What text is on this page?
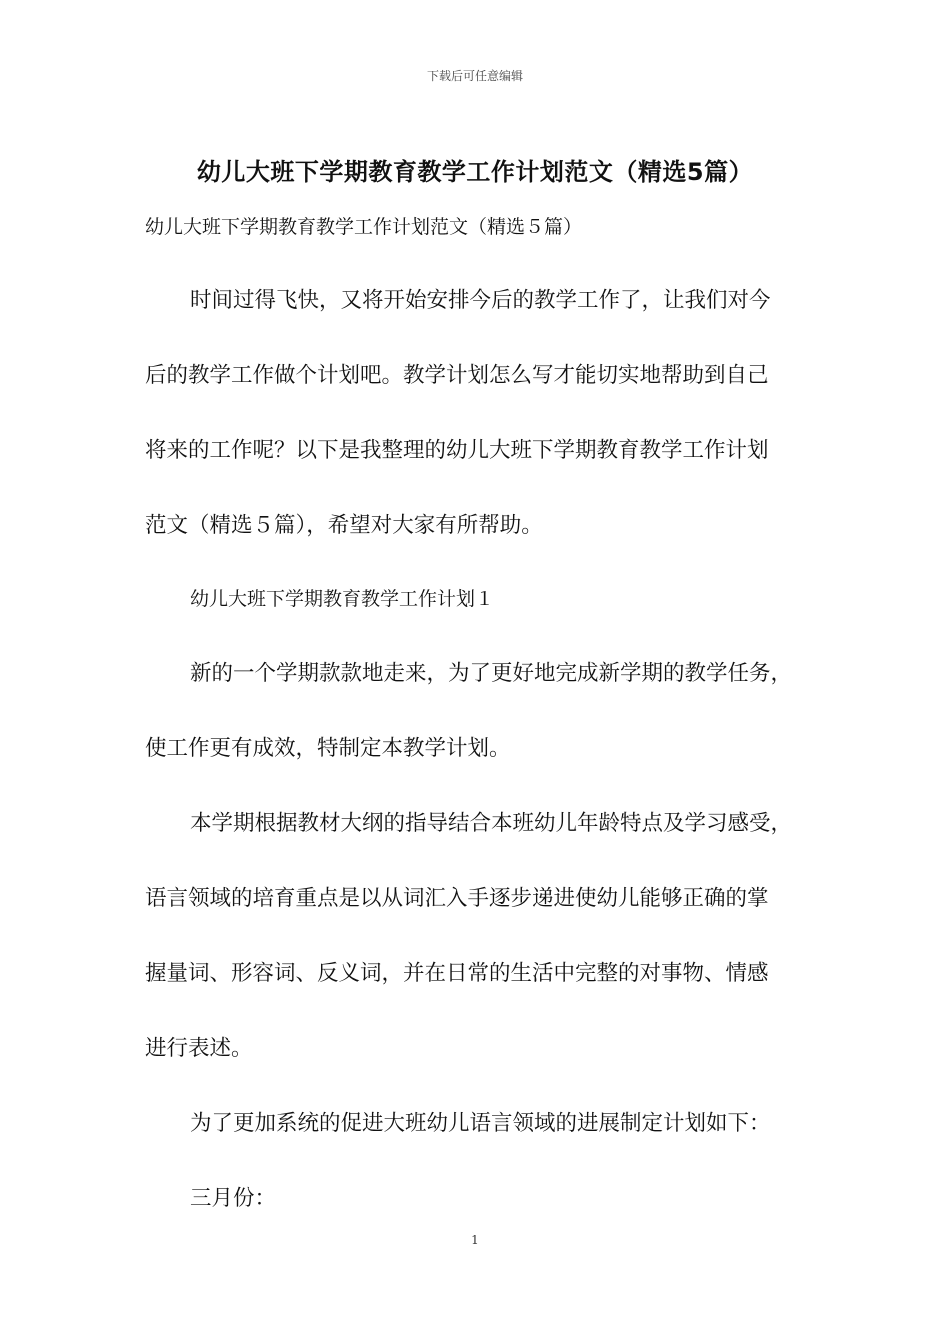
下载后可任意编辑
幼儿大班下学期教育教学工作计划范文（精选5篇）
幼儿大班下学期教育教学工作计划范文（精选５篇）
时间过得飞快，又将开始安排今后的教学工作了，让我们对今
后的教学工作做个计划吧。教学计划怎么写才能切实地帮助到自己
将来的工作呢？以下是我整理的幼儿大班下学期教育教学工作计划
范文（精选５篇），希望对大家有所帮助。
幼儿大班下学期教育教学工作计划１
新的一个学期款款地走来，为了更好地完成新学期的教学任务，
使工作更有成效，特制定本教学计划。
本学期根据教材大纲的指导结合本班幼儿年龄特点及学习感受，
语言领域的培育重点是以从词汇入手逐步递进使幼儿能够正确的掌
握量词、形容词、反义词，并在日常的生活中完整的对事物、情感
进行表述。
为了更加系统的促进大班幼儿语言领域的进展制定计划如下：
三月份：
1
